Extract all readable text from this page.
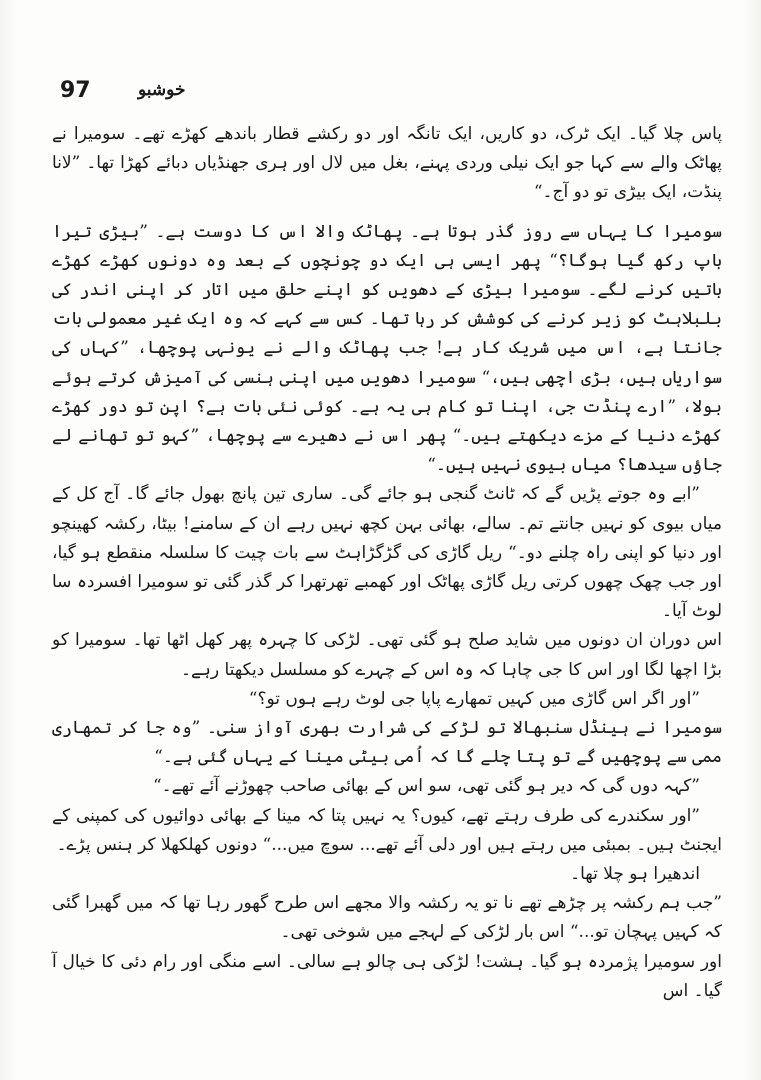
97	خوشبو

پاس چلا گیا۔ ایک ٹرک، دو کاریں، ایک تانگہ اور دو رکشے قطار باندھے کھڑے تھے۔ سومیرا نے پھاٹک والے سے کہا جو ایک نیلی وردی پہنے، بغل میں لال اور ہری جھنڈیاں دبائے کھڑا تھا۔ ”لانا پنڈت، ایک بیڑی تو دو آج۔“

سومیرا کا یہاں سے روز گذر ہوتا ہے۔ پھاٹک والا اس کا دوست ہے۔ ”بیڑی تیرا باپ رکھ گیا ہوگا؟“ پھر ایسی ہی ایک دو چونچوں کے بعد وہ دونوں کھڑے کھڑے باتیں کرنے لگے۔ سومیرا بیڑی کے دھویں کو اپنے حلق میں اتار کر اپنی اندر کی بلبلاہٹ کو زیر کرنے کی کوشش کر رہا تھا۔ کس سے کہے کہ وہ ایک غیر معمولی بات جانتا ہے، اس میں شریک کار ہے! جب پھاٹک والے نے یونہی پوچھا، ”کہاں کی سواریاں ہیں، بڑی اچھی ہیں،“ سومیرا دھویں میں اپنی ہنسی کی آمیزش کرتے ہوئے بولا، ”ارے پنڈت جی، اپنا تو کام ہی یہ ہے۔ کوئی نئی بات ہے؟ اپن تو دور کھڑے کھڑے دنیا کے مزے دیکھتے ہیں۔“ پھر اس نے دھیرے سے پوچھا، ”کہو تو تھانے لے جاؤں سیدھا؟ میاں بیوی نہیں ہیں۔“

”ابے وہ جوتے پڑیں گے کہ ٹانٹ گنجی ہو جائے گی۔ ساری تین پانچ بھول جائے گا۔ آج کل کے میاں بیوی کو نہیں جانتے تم۔ سالے، بھائی بہن کچھ نہیں رہے ان کے سامنے! بیٹا، رکشہ کھینچو اور دنیا کو اپنی راہ چلنے دو۔“ ریل گاڑی کی گڑگڑاہٹ سے بات چیت کا سلسلہ منقطع ہو گیا، اور جب چھک چھوں کرتی ریل گاڑی پھاٹک اور کھمبے تھرتھرا کر گذر گئی تو سومیرا افسردہ سا لوٹ آیا۔

اس دوران ان دونوں میں شاید صلح ہو گئی تھی۔ لڑکی کا چہرہ پھر کھل اٹھا تھا۔ سومیرا کو بڑا اچھا لگا اور اس کا جی چاہا کہ وہ اس کے چہرے کو مسلسل دیکھتا رہے۔

”اور اگر اس گاڑی میں کہیں تمھارے پاپا جی لوٹ رہے ہوں تو؟“

سومیرا نے ہینڈل سنبھالا تو لڑکے کی شرارت بھری آواز سنی۔ ”وہ جا کر تمھاری ممی سے پوچھیں گے تو پتا چلے گا کہ اُمی بیٹی مینا کے یہاں گئی ہے۔“

”کہہ دوں گی کہ دیر ہو گئی تھی، سو اس کے بھائی صاحب چھوڑنے آئے تھے۔“

”اور سکندرے کی طرف رہتے تھے، کیوں؟ یہ نہیں پتا کہ مینا کے بھائی دوائیوں کی کمپنی کے ایجنٹ ہیں۔ بمبئی میں رہتے ہیں اور دلی آئے تھے... سوچ میں...“ دونوں کھلکھلا کر ہنس پڑے۔

اندھیرا ہو چلا تھا۔

”جب ہم رکشہ پر چڑھے تھے نا تو یہ رکشہ والا مجھے اس طرح گھور رہا تھا کہ میں گھبرا گئی کہ کہیں پہچان تو...“ اس بار لڑکی کے لہجے میں شوخی تھی۔

اور سومیرا پژمردہ ہو گیا۔ ہشت! لڑکی ہی چالو ہے سالی۔ اسے منگی اور رام دئی کا خیال آ گیا۔ اس
